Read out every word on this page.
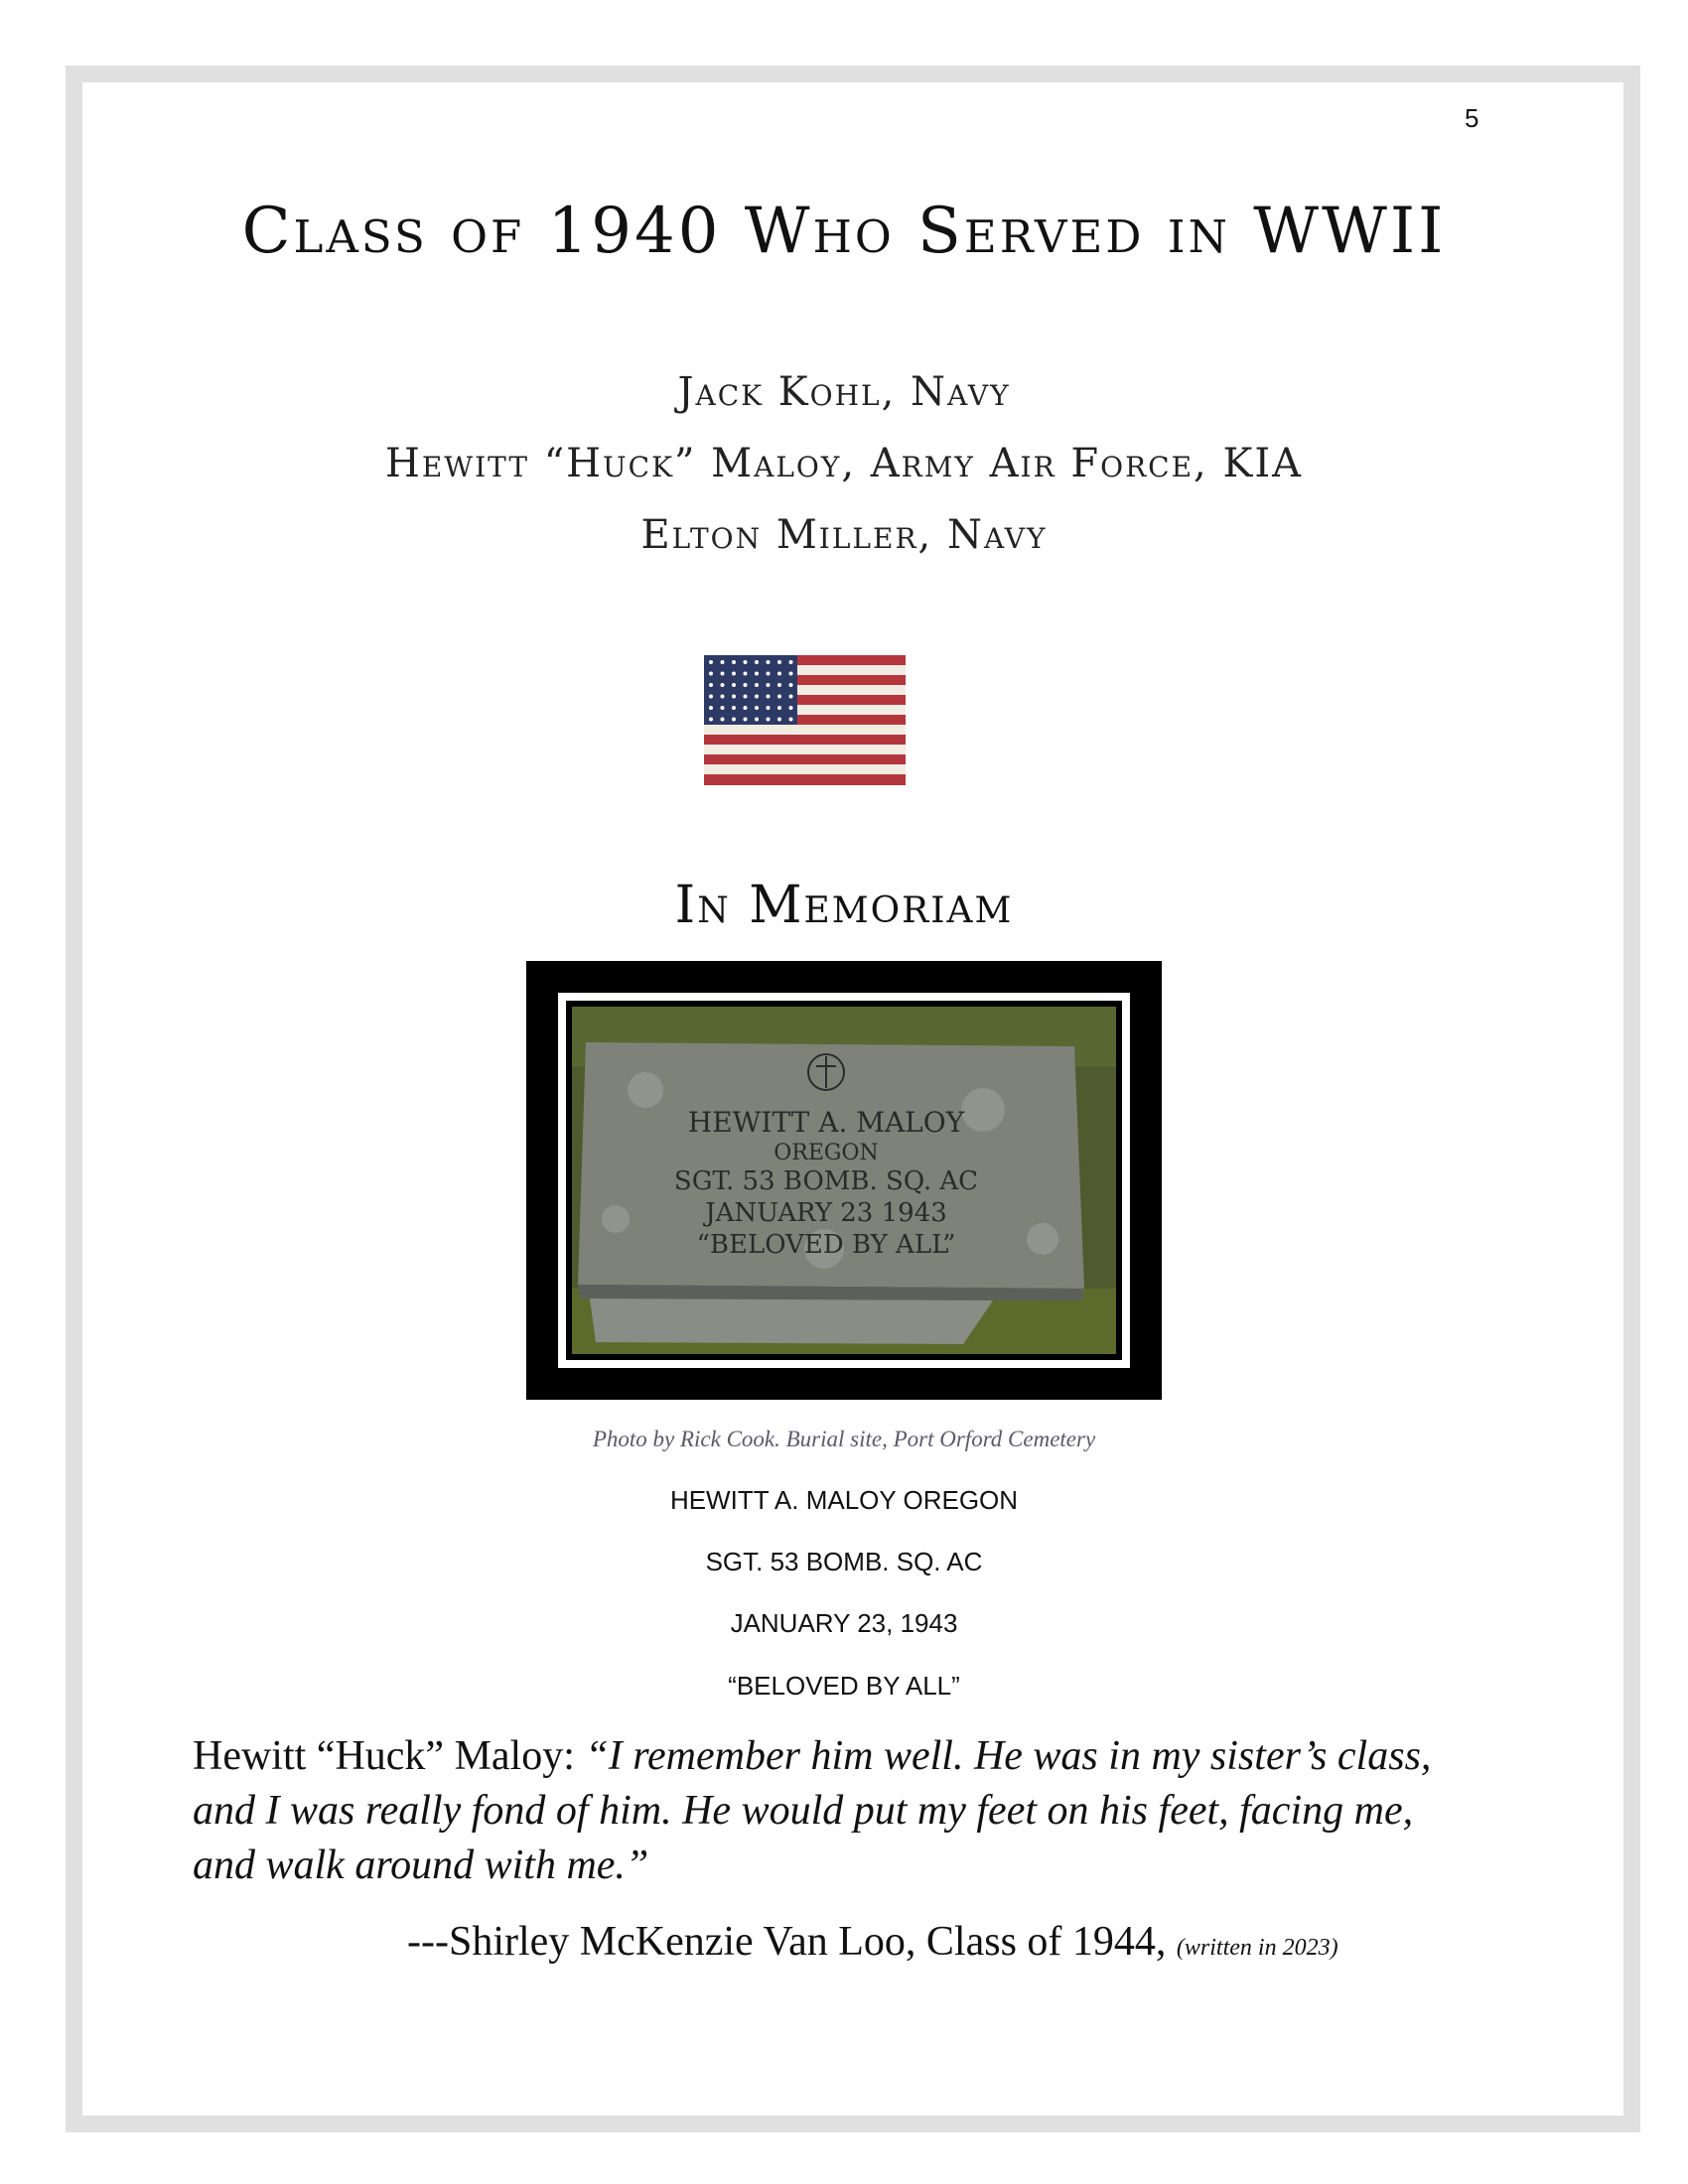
5
Class of 1940 Who Served in WWII
Jack Kohl, Navy
Hewitt “Huck” Maloy, Army Air Force, KIA
Elton Miller, Navy
In Memoriam
HEWITT A. MALOY
OREGON
SGT. 53 BOMB. SQ. AC
JANUARY 23 1943
“BELOVED BY ALL”
Photo by Rick Cook. Burial site, Port Orford Cemetery
HEWITT A. MALOY OREGON
SGT. 53 BOMB. SQ. AC
JANUARY 23, 1943
“BELOVED BY ALL”
Hewitt “Huck” Maloy: “I remember him well. He was in my sister’s class, and I was really fond of him. He would put my feet on his feet, facing me, and walk around with me.”
---Shirley McKenzie Van Loo, Class of 1944, (written in 2023)
